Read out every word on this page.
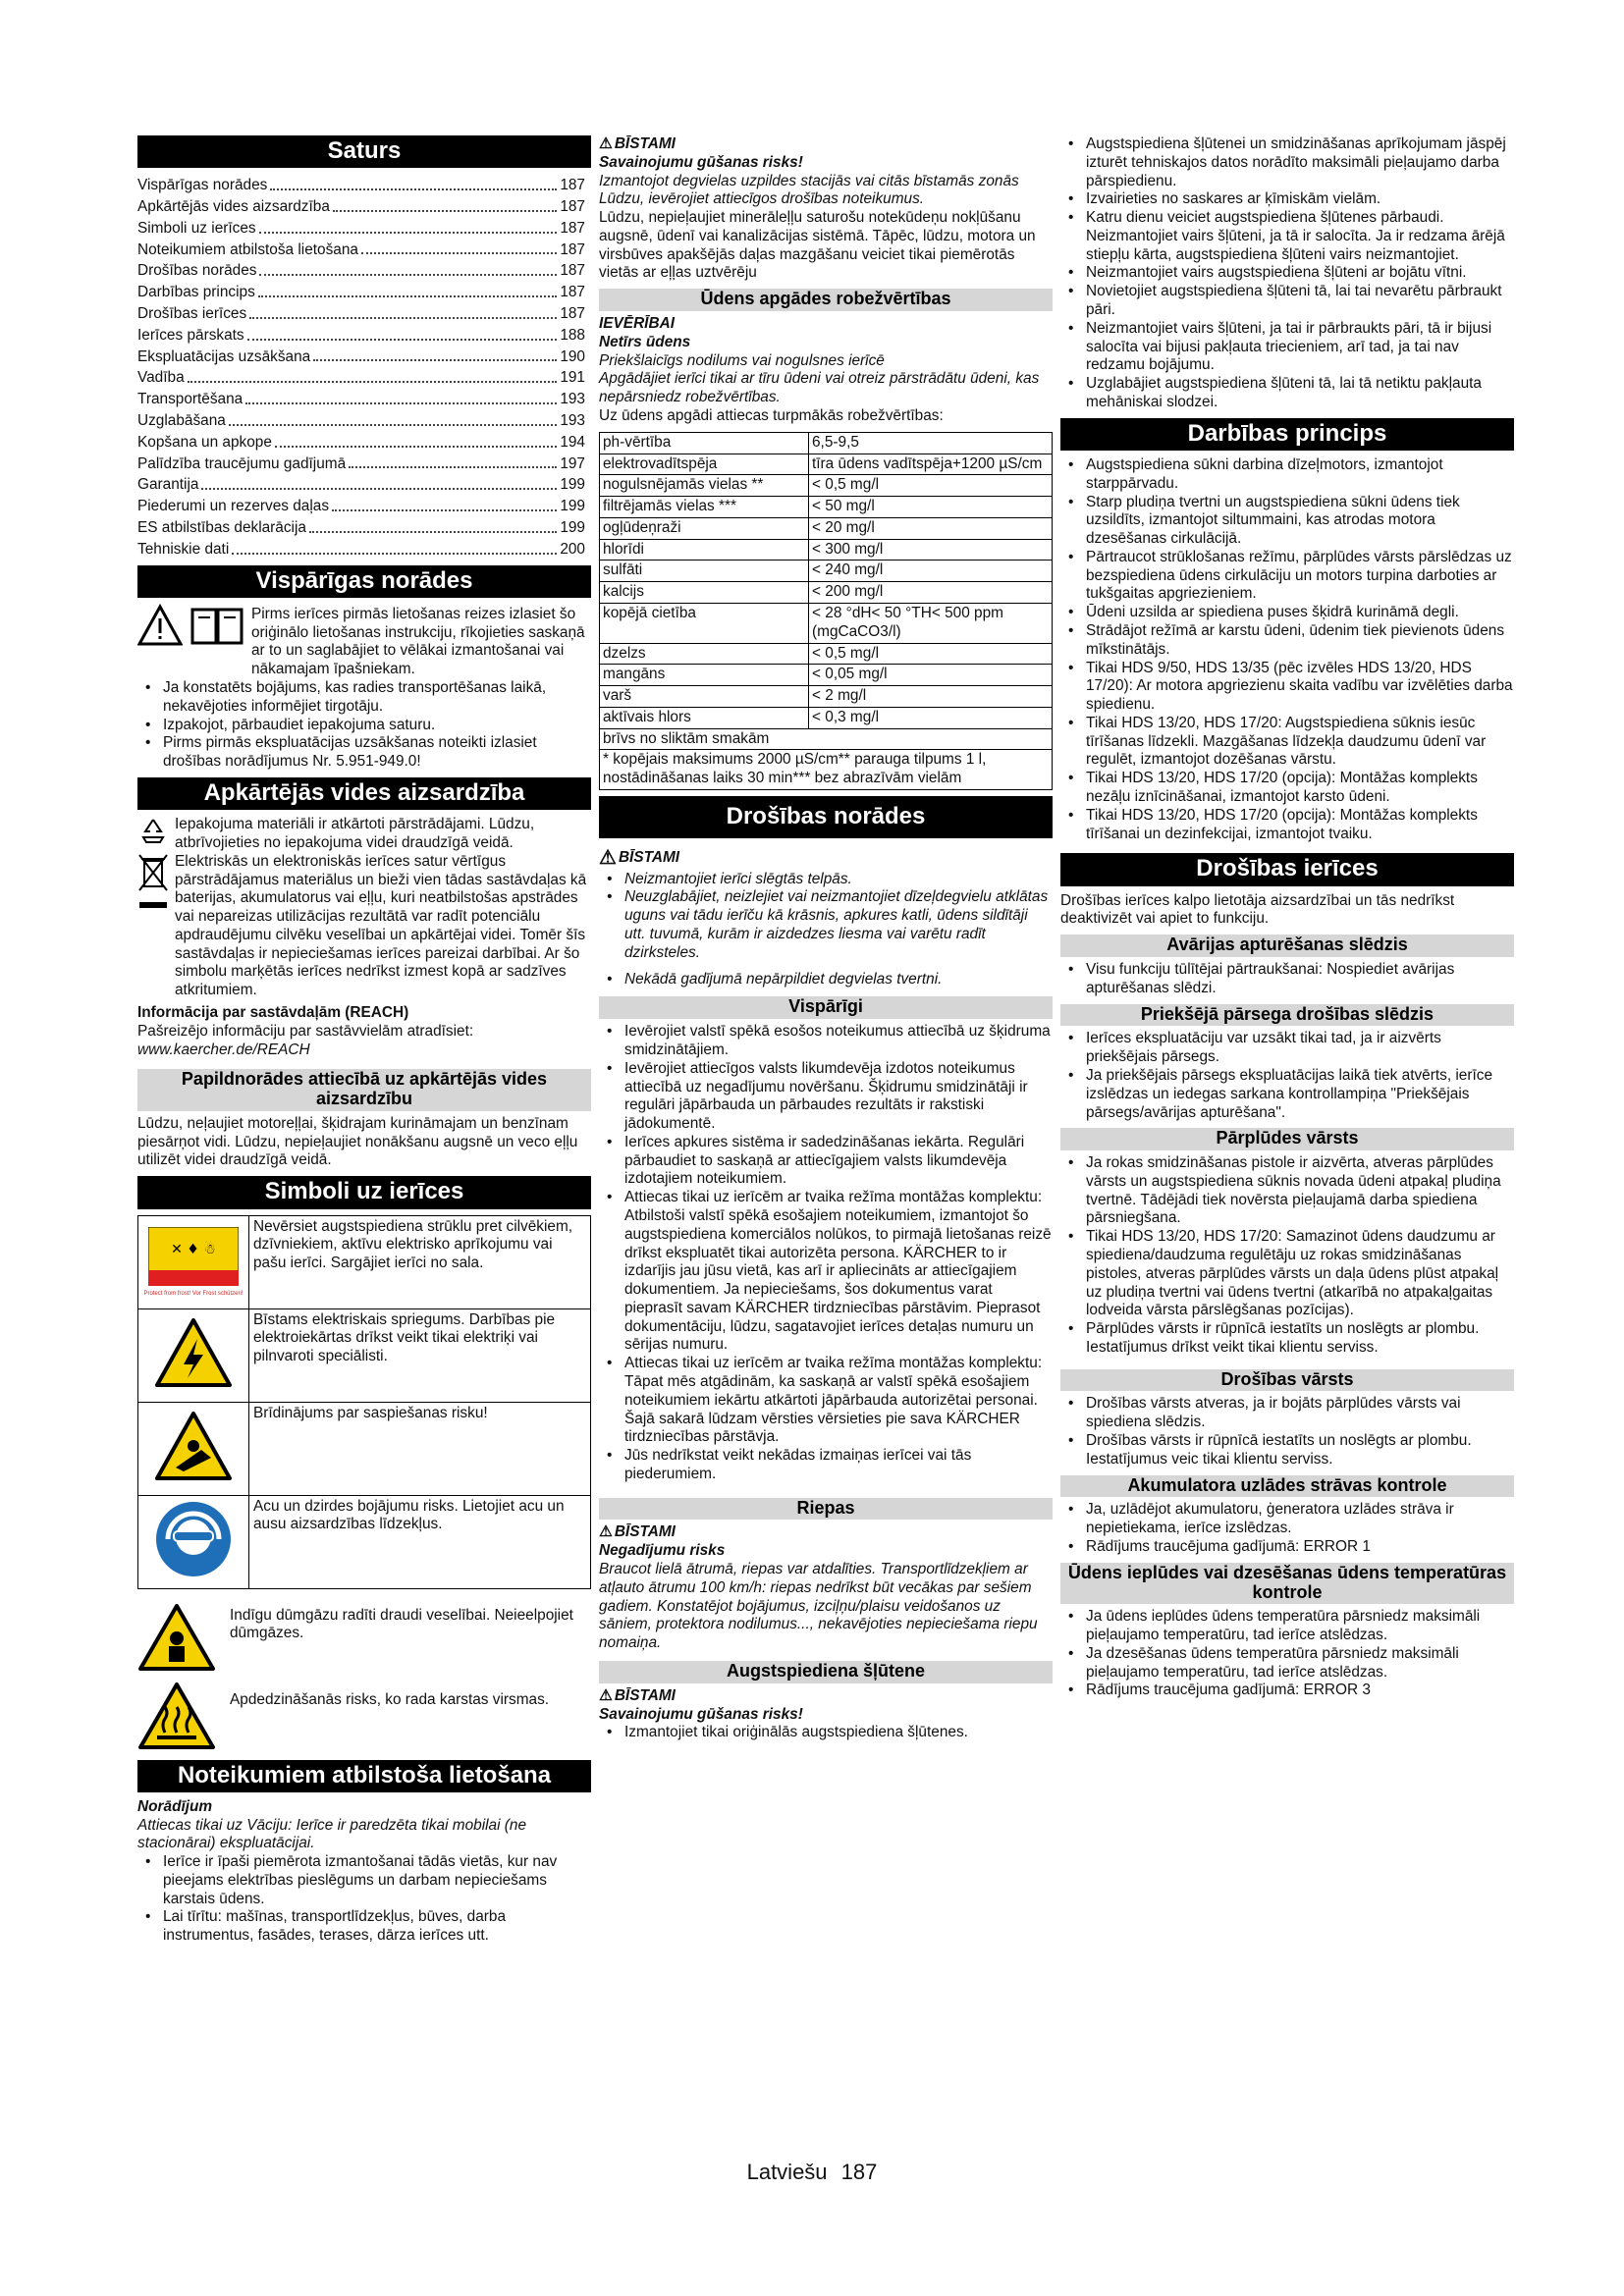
Saturs
Vispārīgas norādes	187
Apkārtējās vides aizsardzība	187
Simboli uz ierīces	187
Noteikumiem atbilstoša lietošana	187
Drošības norādes	187
Darbības princips	187
Drošības ierīces	187
Ierīces pārskats	188
Ekspluatācijas uzsākšana	190
Vadība	191
Transportēšana	193
Uzglabāšana	193
Kopšana un apkope	194
Palīdzība traucējumu gadījumā	197
Garantija	199
Piederumi un rezerves daļas	199
ES atbilstības deklarācija	199
Tehniskie dati	200
Vispārīgas norādes

Pirms ierīces pirmās lietošanas reizes izlasiet šo oriģinālo lietošanas instrukciju, rīkojieties saskaņā ar to un saglabājiet to vēlākai izmantošanai vai nākamajam īpašniekam.

• Ja konstatēts bojājums, kas radies transportēšanas laikā, nekavējoties informējiet tirgotāju.
• Izpakojot, pārbaudiet iepakojuma saturu.
• Pirms pirmās ekspluatācijas uzsākšanas noteikti izlasiet drošības norādījumus Nr. 5.951-949.0!
Apkārtējās vides aizsardzība

Iepakojuma materiāli ir atkārtoti pārstrādājami. Lūdzu, atbrīvojieties no iepakojuma videi draudzīgā veidā.

Elektriskās un elektroniskās ierīces satur vērtīgus pārstrādājamus materiālus un bieži vien tādas sastāvdaļas kā baterijas, akumulatorus vai eļļu, kuri neatbilstošas apstrādes vai nepareizas utilizācijas rezultātā var radīt potenciālu apdraudējumu cilvēku veselībai un apkārtējai videi. Tomēr šīs sastāvdaļas ir nepieciešamas ierīces pareizai darbībai. Ar šo simbolu marķētās ierīces nedrīkst izmest kopā ar sadzīves atkritumiem.

Informācija par sastāvdaļām (REACH)

Pašreizējo informāciju par sastāvvielām atradīsiet:

www.kaercher.de/REACH

Papildnorādes attiecībā uz apkārtējās vides aizsardzību

Lūdzu, neļaujiet motoreļļai, šķidrajam kurināmajam un benzīnam piesārņot vidi. Lūdzu, nepieļaujiet nonākšanu augsnē un veco eļļu utilizēt videi draudzīgā veidā.

Simboli uz ierīces
✕ ♦ ☃
Protect from frost! Vor Frost schützen!	Nevērsiet augstspiediena strūklu pret cilvēkiem, dzīvniekiem, aktīvu elektrisko aprīkojumu vai pašu ierīci. Sargājiet ierīci no sala.
	Bīstams elektriskais spriegums. Darbības pie elektroiekārtas drīkst veikt tikai elektriķi vai pilnvaroti speciālisti.
	Brīdinājums par saspiešanas risku!
	Acu un dzirdes bojājumu risks. Lietojiet acu un ausu aizsardzības līdzekļus.

Indīgu dūmgāzu radīti draudi veselībai. Neieelpojiet dūmgāzes.

Apdedzināšanās risks, ko rada karstas virsmas.

Noteikumiem atbilstoša lietošana

Norādījum

Attiecas tikai uz Vāciju: Ierīce ir paredzēta tikai mobilai (ne stacionārai) ekspluatācijai.

• Ierīce ir īpaši piemērota izmantošanai tādās vietās, kur nav pieejams elektrības pieslēgums un darbam nepieciešams karstais ūdens.
• Lai tīrītu: mašīnas, transportlīdzekļus, būves, darba instrumentus, fasādes, terases, dārza ierīces utt.
⚠ BĪSTAMI

Savainojumu gūšanas risks!

Izmantojot degvielas uzpildes stacijās vai citās bīstamās zonās

Lūdzu, ievērojiet attiecīgos drošības noteikumus.

Lūdzu, nepieļaujiet minerāleļļu saturošu notekūdeņu nokļūšanu augsnē, ūdenī vai kanalizācijas sistēmā. Tāpēc, lūdzu, motora un virsbūves apakšējās daļas mazgāšanu veiciet tikai piemērotās vietās ar eļļas uztvērēju

Ūdens apgādes robežvērtības

IEVĒRĪBAI

Netīrs ūdens

Priekšlaicīgs nodilums vai nogulsnes ierīcē

Apgādājiet ierīci tikai ar tīru ūdeni vai otreiz pārstrādātu ūdeni, kas nepārsniedz robežvērtības.

Uz ūdens apgādi attiecas turpmākās robežvērtības:

ph-vērtība	6,5-9,5
elektrovadītspēja	tīra ūdens vadītspēja+1200 µS/cm
nogulsnējamās vielas **	< 0,5 mg/l
filtrējamās vielas ***	< 50 mg/l
ogļūdeņraži	< 20 mg/l
hlorīdi	< 300 mg/l
sulfāti	< 240 mg/l
kalcijs	< 200 mg/l
kopējā cietība	< 28 °dH< 50 °TH< 500 ppm (mgCaCO3/l)
dzelzs	< 0,5 mg/l
mangāns	< 0,05 mg/l
varš	< 2 mg/l
aktīvais hlors	< 0,3 mg/l
brīvs no sliktām smakām	
* kopējais maksimums 2000 µS/cm** parauga tilpums 1 l, nostādināšanas laiks 30 min*** bez abrazīvām vielām	
Drošības norādes
⚠ BĪSTAMI
• Neizmantojiet ierīci slēgtās telpās.
• Neuzglabājiet, neizlejiet vai neizmantojiet dīzeļdegvielu atklātas uguns vai tādu ierīču kā krāsnis, apkures katli, ūdens sildītāji utt. tuvumā, kurām ir aizdedzes liesma vai varētu radīt dzirksteles.
• Nekādā gadījumā nepārpildiet degvielas tvertni.
Vispārīgi
• Ievērojiet valstī spēkā esošos noteikumus attiecībā uz šķidruma smidzinātājiem.
• Ievērojiet attiecīgos valsts likumdevēja izdotos noteikumus attiecībā uz negadījumu novēršanu. Šķidrumu smidzinātāji ir regulāri jāpārbauda un pārbaudes rezultāts ir rakstiski jādokumentē.
• Ierīces apkures sistēma ir sadedzināšanas iekārta. Regulāri pārbaudiet to saskaņā ar attiecīgajiem valsts likumdevēja izdotajiem noteikumiem.
• Attiecas tikai uz ierīcēm ar tvaika režīma montāžas komplektu: Atbilstoši valstī spēkā esošajiem noteikumiem, izmantojot šo augstspiediena komerciālos nolūkos, to pirmajā lietošanas reizē drīkst ekspluatēt tikai autorizēta persona. KÄRCHER to ir izdarījis jau jūsu vietā, kas arī ir apliecināts ar attiecīgajiem dokumentiem. Ja nepieciešams, šos dokumentus varat pieprasīt savam KÄRCHER tirdzniecības pārstāvim. Pieprasot dokumentāciju, lūdzu, sagatavojiet ierīces detaļas numuru un sērijas numuru.
• Attiecas tikai uz ierīcēm ar tvaika režīma montāžas komplektu: Tāpat mēs atgādinām, ka saskaņā ar valstī spēkā esošajiem noteikumiem iekārtu atkārtoti jāpārbauda autorizētai personai. Šajā sakarā lūdzam vērsties vērsieties pie sava KÄRCHER tirdzniecības pārstāvja.
• Jūs nedrīkstat veikt nekādas izmaiņas ierīcei vai tās piederumiem.
Riepas
⚠ BĪSTAMI

Negadījumu risks

Braucot lielā ātrumā, riepas var atdalīties. Transportlīdzekļiem ar atļauto ātrumu 100 km/h: riepas nedrīkst būt vecākas par sešiem gadiem. Konstatējot bojājumus, izciļņu/plaisu veidošanos uz sāniem, protektora nodilumus..., nekavējoties nepieciešama riepu nomaiņa.

Augstspiediena šļūtene
⚠ BĪSTAMI

Savainojumu gūšanas risks!

• Izmantojiet tikai oriģinālās augstspiediena šļūtenes.
• Augstspiediena šļūtenei un smidzināšanas aprīkojumam jāspēj izturēt tehniskajos datos norādīto maksimāli pieļaujamo darba pārspiedienu.
• Izvairieties no saskares ar ķīmiskām vielām.
• Katru dienu veiciet augstspiediena šļūtenes pārbaudi. Neizmantojiet vairs šļūteni, ja tā ir salocīta. Ja ir redzama ārējā stiepļu kārta, augstspiediena šļūteni vairs neizmantojiet.
• Neizmantojiet vairs augstspiediena šļūteni ar bojātu vītni.
• Novietojiet augstspiediena šļūteni tā, lai tai nevarētu pārbraukt pāri.
• Neizmantojiet vairs šļūteni, ja tai ir pārbraukts pāri, tā ir bijusi salocīta vai bijusi pakļauta triecieniem, arī tad, ja tai nav redzamu bojājumu.
• Uzglabājiet augstspiediena šļūteni tā, lai tā netiktu pakļauta mehāniskai slodzei.
Darbības princips
• Augstspiediena sūkni darbina dīzeļmotors, izmantojot starppārvadu.
• Starp pludiņa tvertni un augstspiediena sūkni ūdens tiek uzsildīts, izmantojot siltummaini, kas atrodas motora dzesēšanas cirkulācijā.
• Pārtraucot strūklošanas režīmu, pārplūdes vārsts pārslēdzas uz bezspiediena ūdens cirkulāciju un motors turpina darboties ar tukšgaitas apgriezieniem.
• Ūdeni uzsilda ar spiediena puses šķidrā kurināmā degli.
• Strādājot režīmā ar karstu ūdeni, ūdenim tiek pievienots ūdens mīkstinātājs.
• Tikai HDS 9/50, HDS 13/35 (pēc izvēles HDS 13/20, HDS 17/20): Ar motora apgriezienu skaita vadību var izvēlēties darba spiedienu.
• Tikai HDS 13/20, HDS 17/20: Augstspiediena sūknis iesūc tīrīšanas līdzekli. Mazgāšanas līdzekļa daudzumu ūdenī var regulēt, izmantojot dozēšanas vārstu.
• Tikai HDS 13/20, HDS 17/20 (opcija): Montāžas komplekts nezāļu iznīcināšanai, izmantojot karsto ūdeni.
• Tikai HDS 13/20, HDS 17/20 (opcija): Montāžas komplekts tīrīšanai un dezinfekcijai, izmantojot tvaiku.
Drošības ierīces

Drošības ierīces kalpo lietotāja aizsardzībai un tās nedrīkst deaktivizēt vai apiet to funkciju.

Avārijas apturēšanas slēdzis
• Visu funkciju tūlītējai pārtraukšanai: Nospiediet avārijas apturēšanas slēdzi.
Priekšējā pārsega drošības slēdzis
• Ierīces ekspluatāciju var uzsākt tikai tad, ja ir aizvērts priekšējais pārsegs.
• Ja priekšējais pārsegs ekspluatācijas laikā tiek atvērts, ierīce izslēdzas un iedegas sarkana kontrollampiņa "Priekšējais pārsegs/avārijas apturēšana".
Pārplūdes vārsts
• Ja rokas smidzināšanas pistole ir aizvērta, atveras pārplūdes vārsts un augstspiediena sūknis novada ūdeni atpakaļ pludiņa tvertnē. Tādējādi tiek novērsta pieļaujamā darba spiediena pārsniegšana.
• Tikai HDS 13/20, HDS 17/20: Samazinot ūdens daudzumu ar spiediena/daudzuma regulētāju uz rokas smidzināšanas pistoles, atveras pārplūdes vārsts un daļa ūdens plūst atpakaļ uz pludiņa tvertni vai ūdens tvertni (atkarībā no atpakaļgaitas lodveida vārsta pārslēgšanas pozīcijas).
• Pārplūdes vārsts ir rūpnīcā iestatīts un noslēgts ar plombu. Iestatījumus drīkst veikt tikai klientu serviss.
Drošības vārsts
• Drošības vārsts atveras, ja ir bojāts pārplūdes vārsts vai spiediena slēdzis.
• Drošības vārsts ir rūpnīcā iestatīts un noslēgts ar plombu. Iestatījumus veic tikai klientu serviss.
Akumulatora uzlādes strāvas kontrole
• Ja, uzlādējot akumulatoru, ģeneratora uzlādes strāva ir nepietiekama, ierīce izslēdzas.
• Rādījums traucējuma gadījumā: ERROR 1
Ūdens ieplūdes vai dzesēšanas ūdens temperatūras kontrole
• Ja ūdens ieplūdes ūdens temperatūra pārsniedz maksimāli pieļaujamo temperatūru, tad ierīce atslēdzas.
• Ja dzesēšanas ūdens temperatūra pārsniedz maksimāli pieļaujamo temperatūru, tad ierīce atslēdzas.
• Rādījums traucējuma gadījumā: ERROR 3
Latviešu 187
